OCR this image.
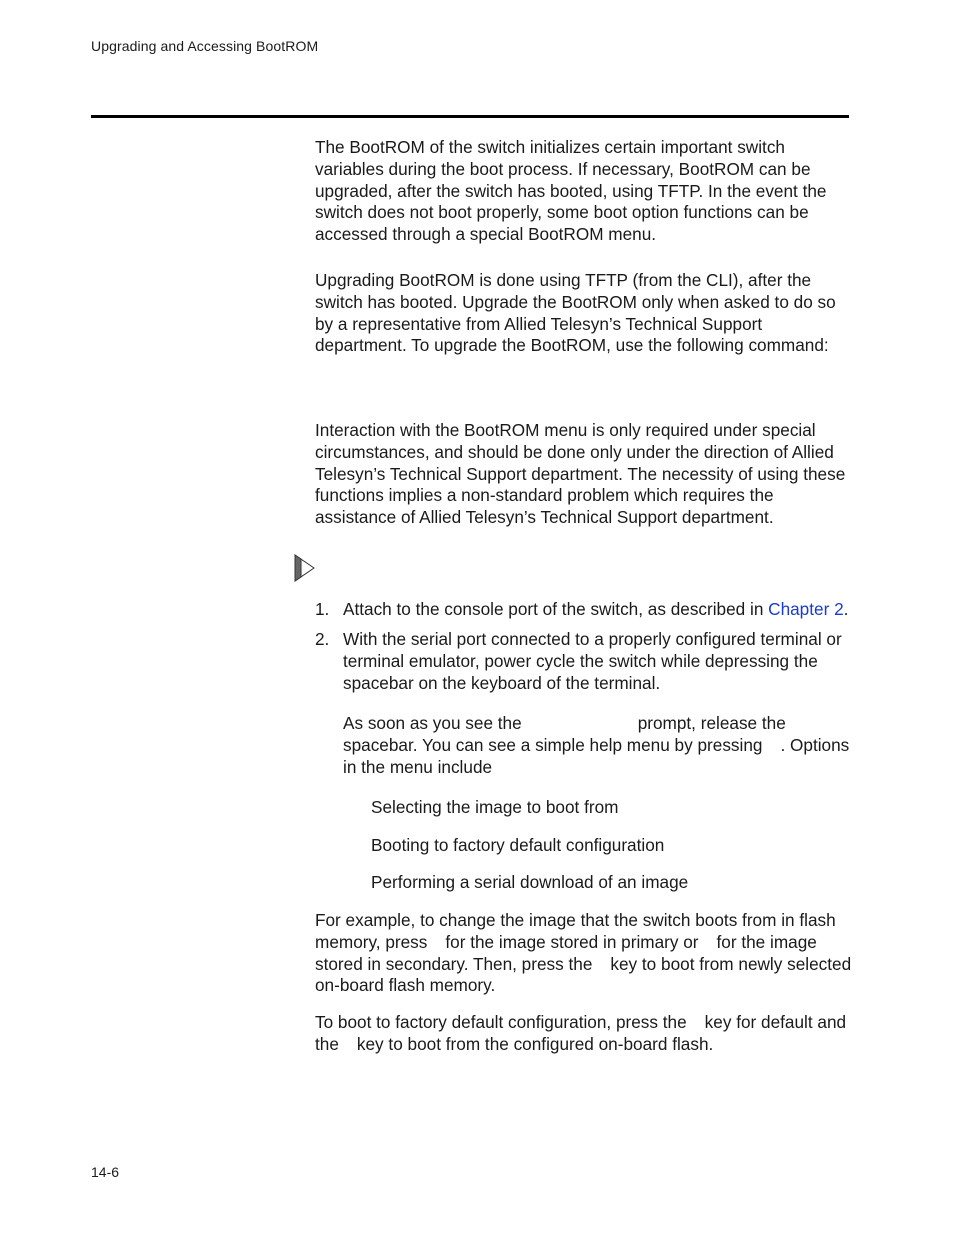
Upgrading and Accessing BootROM

The BootROM of the switch initializes certain important switch variables during the boot process. If necessary, BootROM can be upgraded, after the switch has booted, using TFTP. In the event the switch does not boot properly, some boot option functions can be accessed through a special BootROM menu.

Upgrading BootROM is done using TFTP (from the CLI), after the switch has booted. Upgrade the BootROM only when asked to do so by a representative from Allied Telesyn’s Technical Support department. To upgrade the BootROM, use the following command:

Interaction with the BootROM menu is only required under special circumstances, and should be done only under the direction of Allied Telesyn’s Technical Support department. The necessity of using these functions implies a non-standard problem which requires the assistance of Allied Telesyn’s Technical Support department.

1. Attach to the console port of the switch, as described in Chapter 2.

2. With the serial port connected to a properly configured terminal or terminal emulator, power cycle the switch while depressing the spacebar on the keyboard of the terminal.

As soon as you see the	prompt, release the spacebar. You can see a simple help menu by pressing . Options in the menu include

Selecting the image to boot from

Booting to factory default configuration

Performing a serial download of an image

For example, to change the image that the switch boots from in flash memory, press for the image stored in primary or for the image stored in secondary. Then, press the key to boot from newly selected on-board flash memory.

To boot to factory default configuration, press the key for default and the key to boot from the configured on-board flash.

14-6
